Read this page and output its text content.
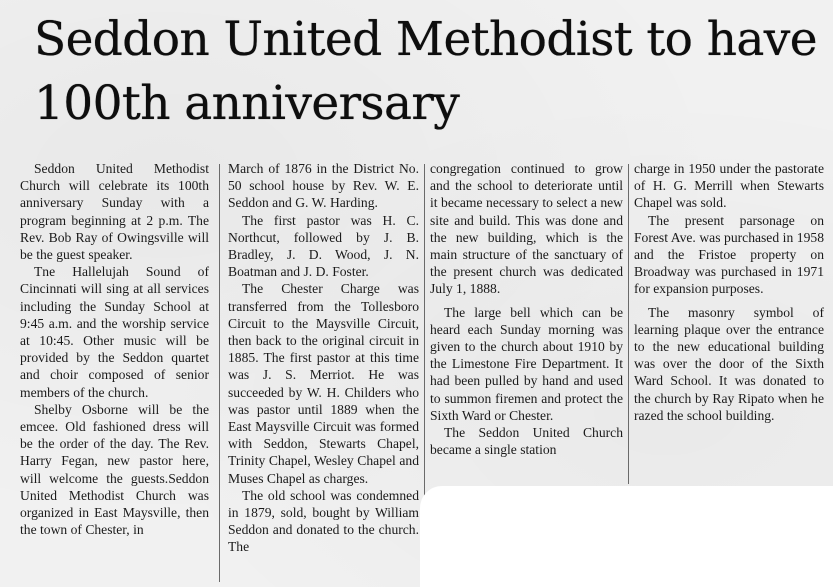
Seddon United Methodist to have 100th anniversary

Seddon United Methodist Church will celebrate its 100th anniversary Sunday with a program beginning at 2 p.m. The Rev. Bob Ray of Owingsville will be the guest speaker.

Tne Hallelujah Sound of Cincinnati will sing at all services including the Sunday School at 9:45 a.m. and the worship service at 10:45. Other music will be provided by the Seddon quartet and choir composed of senior members of the church.

Shelby Osborne will be the emcee. Old fashioned dress will be the order of the day. The Rev. Harry Fegan, new pastor here, will welcome the guests.Seddon United Methodist Church was organized in East Maysville, then the town of Chester, in

March of 1876 in the District No. 50 school house by Rev. W. E. Seddon and G. W. Harding.

The first pastor was H. C. Northcut, followed by J. B. Bradley, J. D. Wood, J. N. Boatman and J. D. Foster.

The Chester Charge was transferred from the Tollesboro Circuit to the Maysville Circuit, then back to the original circuit in 1885. The first pastor at this time was J. S. Merriot. He was succeeded by W. H. Childers who was pastor until 1889 when the East Maysville Circuit was formed with Seddon, Stewarts Chapel, Trinity Chapel, Wesley Chapel and Muses Chapel as charges.

The old school was condemned in 1879, sold, bought by William Seddon and donated to the church. The

congregation continued to grow and the school to deteriorate until it became necessary to select a new site and build. This was done and the new building, which is the main structure of the sanctuary of the present church was dedicated July 1, 1888.

The large bell which can be heard each Sunday morning was given to the church about 1910 by the Limestone Fire Department. It had been pulled by hand and used to summon firemen and protect the Sixth Ward or Chester.

The Seddon United Church became a single station

charge in 1950 under the pastorate of H. G. Merrill when Stewarts Chapel was sold.

The present parsonage on Forest Ave. was purchased in 1958 and the Fristoe property on Broadway was purchased in 1971 for expansion purposes.

The masonry symbol of learning plaque over the entrance to the new educational building was over the door of the Sixth Ward School. It was donated to the church by Ray Ripato when he razed the school building.
